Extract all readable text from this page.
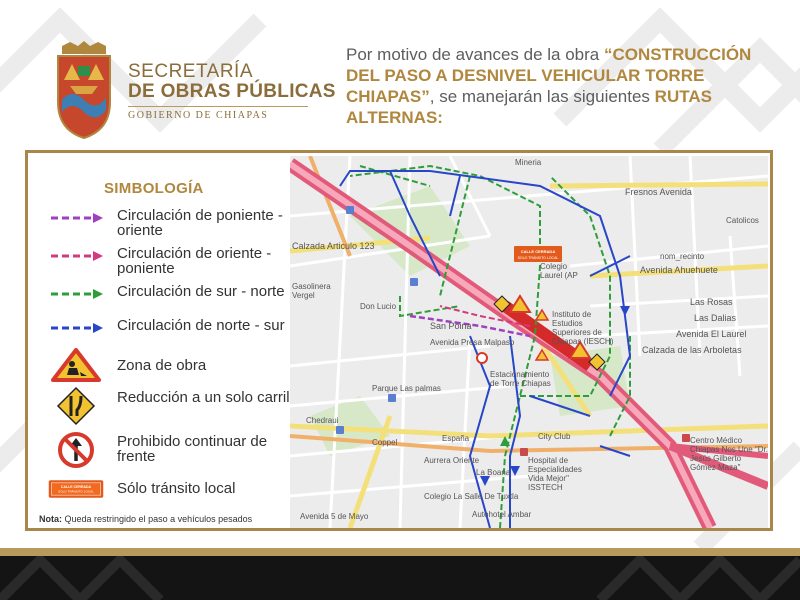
SECRETARÍA
DE OBRAS PÚBLICAS
GOBIERNO DE CHIAPAS
Por motivo de avances de la obra “CONSTRUCCIÓN DEL PASO A DESNIVEL VEHICULAR TORRE CHIAPAS”, se manejarán las siguientes RUTAS ALTERNAS:
SIMBOLOGÍA
Circulación de poniente - oriente
Circulación de oriente - poniente
Circulación de sur - norte
Circulación de norte - sur
Zona de obra
Reducción a un solo carril
Prohibido continuar de frente
CALLE CERRADA
SOLO TRÁNSITO LOCAL Sólo tránsito local
Nota: Queda restringido el paso a vehículos pesados
CALLE CERRADA
SOLO TRÁNSITO LOCAL
Mineria
Fresnos Avenida
Catolicos
nom_recinto
Avenida Ahuehuete
Calzada Articulo 123
Colegio Laurel (AP
Instituto de Estudios Superiores de Chiapas (IESCH)
Las Rosas
Las Dalias
Avenida El Laurel
Calzada de las Arboletas
Gasolinera Vergel
Don Lucio
San Poina
Avenida Presa Malpaso
Estacionamiento de Torre Chiapas
Parque Las palmas
Chedraui
Coppel	España	City Club	Centro Médico Chiapas Nos Une "Dr. Jesús Gilberto Gómez Maza"
Hospital de Especialidades Vida Mejor" ISSTECH
Aurrera Oriente
La Boana
Colegio La Salle De Tuxtla
Autohotel Ambar
Avenida 5 de Mayo
